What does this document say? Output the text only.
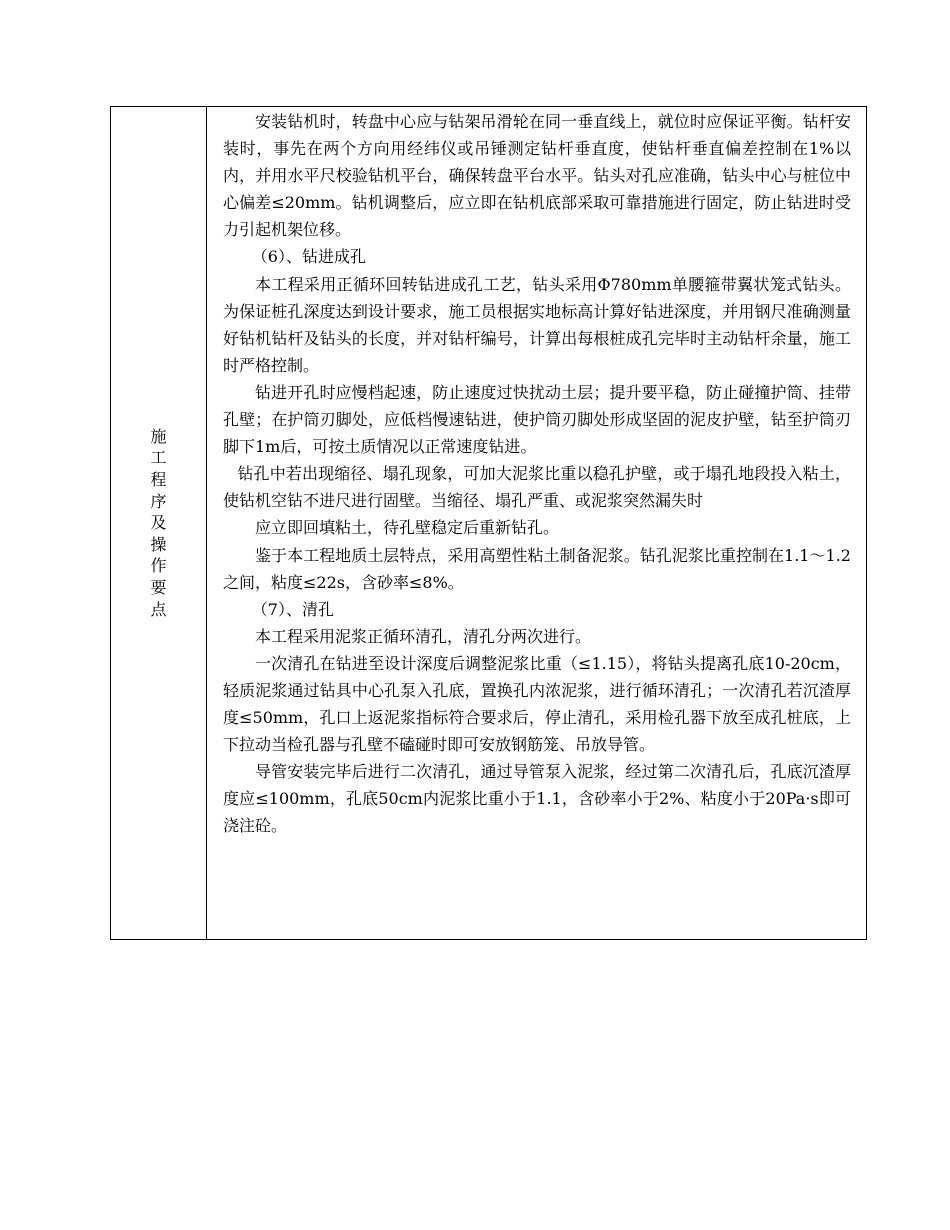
施
工
程
序
及
操
作
要
点

安装钻机时，转盘中心应与钻架吊滑轮在同一垂直线上，就位时应保证平衡。钻杆安装时，事先在两个方向用经纬仪或吊锤测定钻杆垂直度，使钻杆垂直偏差控制在1%以内，并用水平尺校验钻机平台，确保转盘平台水平。钻头对孔应准确，钻头中心与桩位中心偏差≤20mm。钻机调整后，应立即在钻机底部采取可靠措施进行固定，防止钻进时受力引起机架位移。

（6）、钻进成孔

本工程采用正循环回转钻进成孔工艺，钻头采用Φ780mm单腰箍带翼状笼式钻头。为保证桩孔深度达到设计要求，施工员根据实地标高计算好钻进深度，并用钢尺准确测量好钻机钻杆及钻头的长度，并对钻杆编号，计算出每根桩成孔完毕时主动钻杆余量，施工时严格控制。

钻进开孔时应慢档起速，防止速度过快扰动土层；提升要平稳，防止碰撞护筒、挂带孔壁；在护筒刃脚处，应低档慢速钻进，使护筒刃脚处形成坚固的泥皮护壁，钻至护筒刃脚下1m后，可按土质情况以正常速度钻进。

钻孔中若出现缩径、塌孔现象，可加大泥浆比重以稳孔护壁，或于塌孔地段投入粘土，使钻机空钻不进尺进行固壁。当缩径、塌孔严重、或泥浆突然漏失时

应立即回填粘土，待孔壁稳定后重新钻孔。

鉴于本工程地质土层特点，采用高塑性粘土制备泥浆。钻孔泥浆比重控制在1.1～1.2之间，粘度≤22s，含砂率≤8%。

（7）、清孔

本工程采用泥浆正循环清孔，清孔分两次进行。

一次清孔在钻进至设计深度后调整泥浆比重（≤1.15），将钻头提离孔底10-20cm，轻质泥浆通过钻具中心孔泵入孔底，置换孔内浓泥浆，进行循环清孔；一次清孔若沉渣厚度≤50mm，孔口上返泥浆指标符合要求后，停止清孔，采用检孔器下放至成孔桩底，上下拉动当检孔器与孔壁不磕碰时即可安放钢筋笼、吊放导管。

导管安装完毕后进行二次清孔，通过导管泵入泥浆，经过第二次清孔后，孔底沉渣厚度应≤100mm，孔底50cm内泥浆比重小于1.1，含砂率小于2%、粘度小于20Pa·s即可浇注砼。
